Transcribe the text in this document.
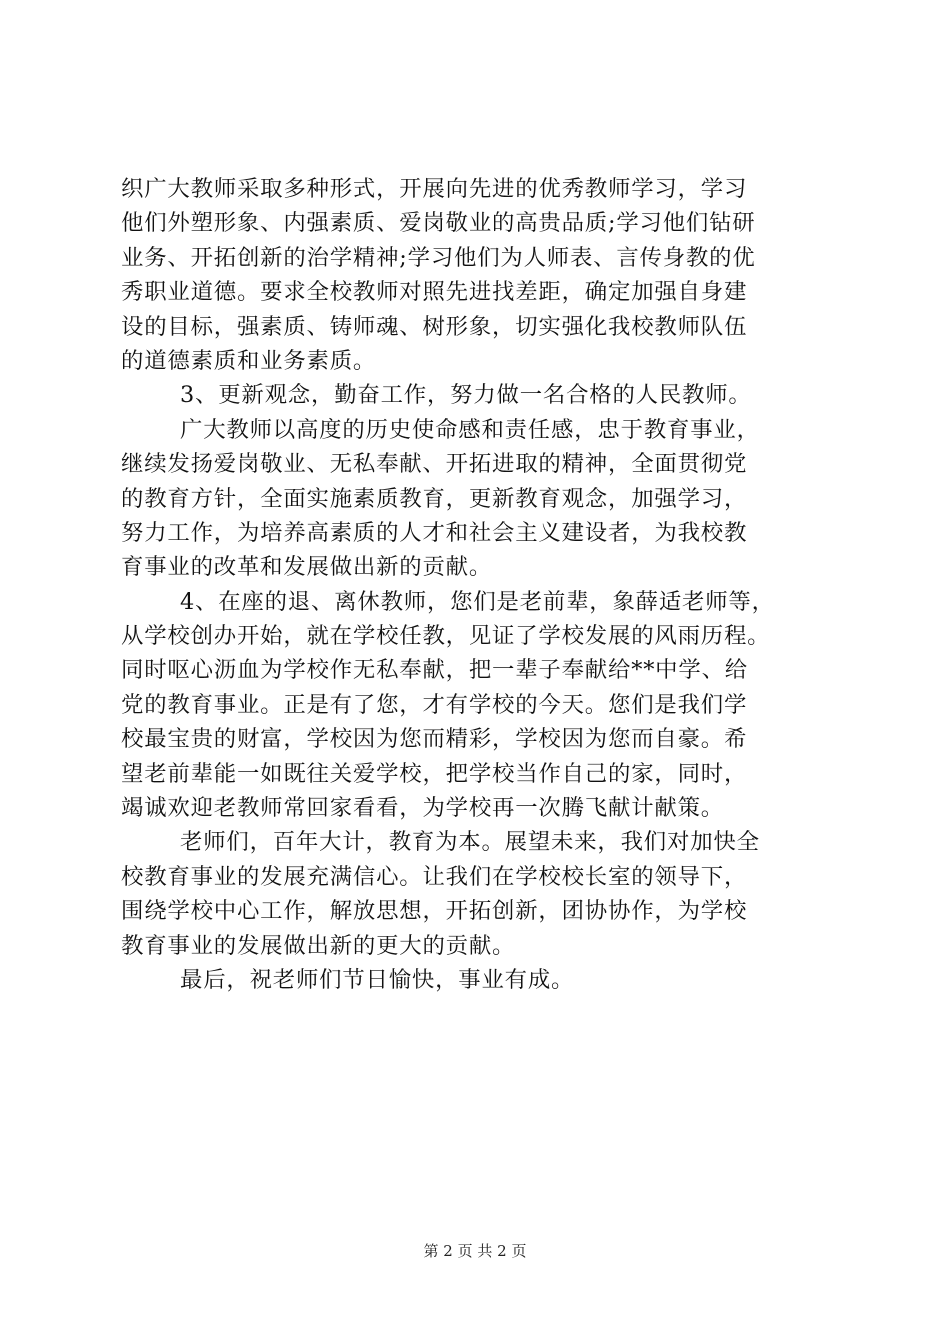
织广大教师采取多种形式，开展向先进的优秀教师学习，学习
他们外塑形象、内强素质、爱岗敬业的高贵品质;学习他们钻研
业务、开拓创新的治学精神;学习他们为人师表、言传身教的优
秀职业道德。要求全校教师对照先进找差距，确定加强自身建
设的目标，强素质、铸师魂、树形象，切实强化我校教师队伍
的道德素质和业务素质。
3、更新观念，勤奋工作，努力做一名合格的人民教师。
广大教师以高度的历史使命感和责任感，忠于教育事业，
继续发扬爱岗敬业、无私奉献、开拓进取的精神，全面贯彻党
的教育方针，全面实施素质教育，更新教育观念，加强学习，
努力工作，为培养高素质的人才和社会主义建设者，为我校教
育事业的改革和发展做出新的贡献。
4、在座的退、离休教师，您们是老前辈，象薛适老师等，
从学校创办开始，就在学校任教，见证了学校发展的风雨历程。
同时呕心沥血为学校作无私奉献，把一辈子奉献给**中学、给
党的教育事业。正是有了您，才有学校的今天。您们是我们学
校最宝贵的财富，学校因为您而精彩，学校因为您而自豪。希
望老前辈能一如既往关爱学校，把学校当作自己的家，同时，
竭诚欢迎老教师常回家看看，为学校再一次腾飞献计献策。
老师们，百年大计，教育为本。展望未来，我们对加快全
校教育事业的发展充满信心。让我们在学校校长室的领导下，
围绕学校中心工作，解放思想，开拓创新，团协协作，为学校
教育事业的发展做出新的更大的贡献。
最后，祝老师们节日愉快，事业有成。
第 2 页 共 2 页
